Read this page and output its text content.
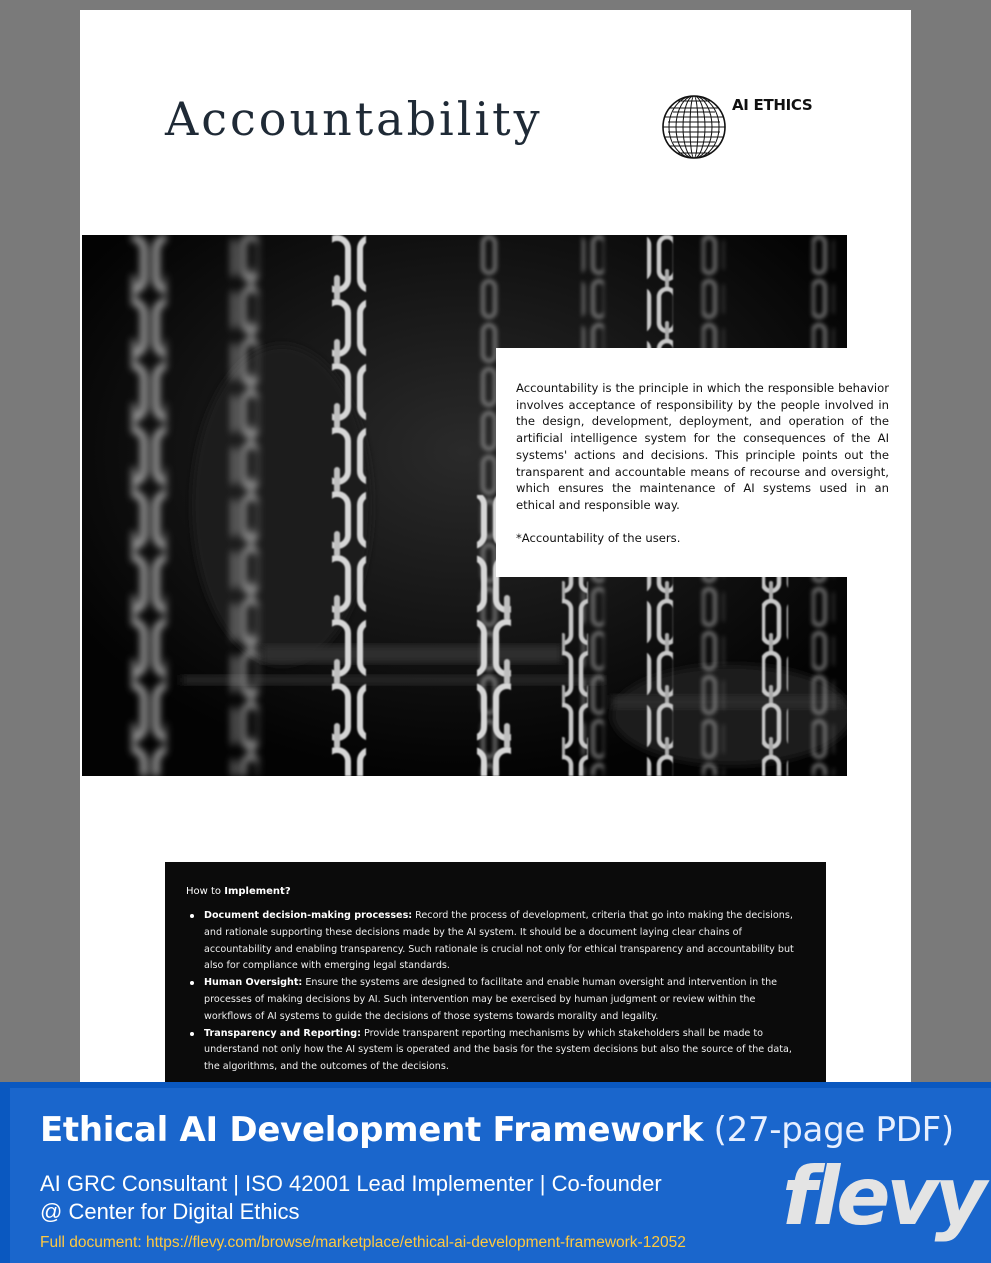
Accountability	AI ETHICS

Accountability is the principle in which the responsible behavior involves acceptance of responsibility by the people involved in the design, development, deployment, and operation of the artificial intelligence system for the consequences of the AI systems' actions and decisions. This principle points out the transparent and accountable means of recourse and oversight, which ensures the maintenance of AI systems used in an ethical and responsible way.

*Accountability of the users.

How to Implement?
Document decision-making processes: Record the process of development, criteria that go into making the decisions, and rationale supporting these decisions made by the AI system. It should be a document laying clear chains of accountability and enabling transparency. Such rationale is crucial not only for ethical transparency and accountability but also for compliance with emerging legal standards.
Human Oversight: Ensure the systems are designed to facilitate and enable human oversight and intervention in the processes of making decisions by AI. Such intervention may be exercised by human judgment or review within the workflows of AI systems to guide the decisions of those systems towards morality and legality.
Transparency and Reporting: Provide transparent reporting mechanisms by which stakeholders shall be made to understand not only how the AI system is operated and the basis for the system decisions but also the source of the data, the algorithms, and the outcomes of the decisions.
Ethical AI Development Framework (27-page PDF)
AI GRC Consultant | ISO 42001 Lead Implementer | Co-founder @ Center for Digital Ethics
Full document: https://flevy.com/browse/marketplace/ethical-ai-development-framework-12052 flevy
